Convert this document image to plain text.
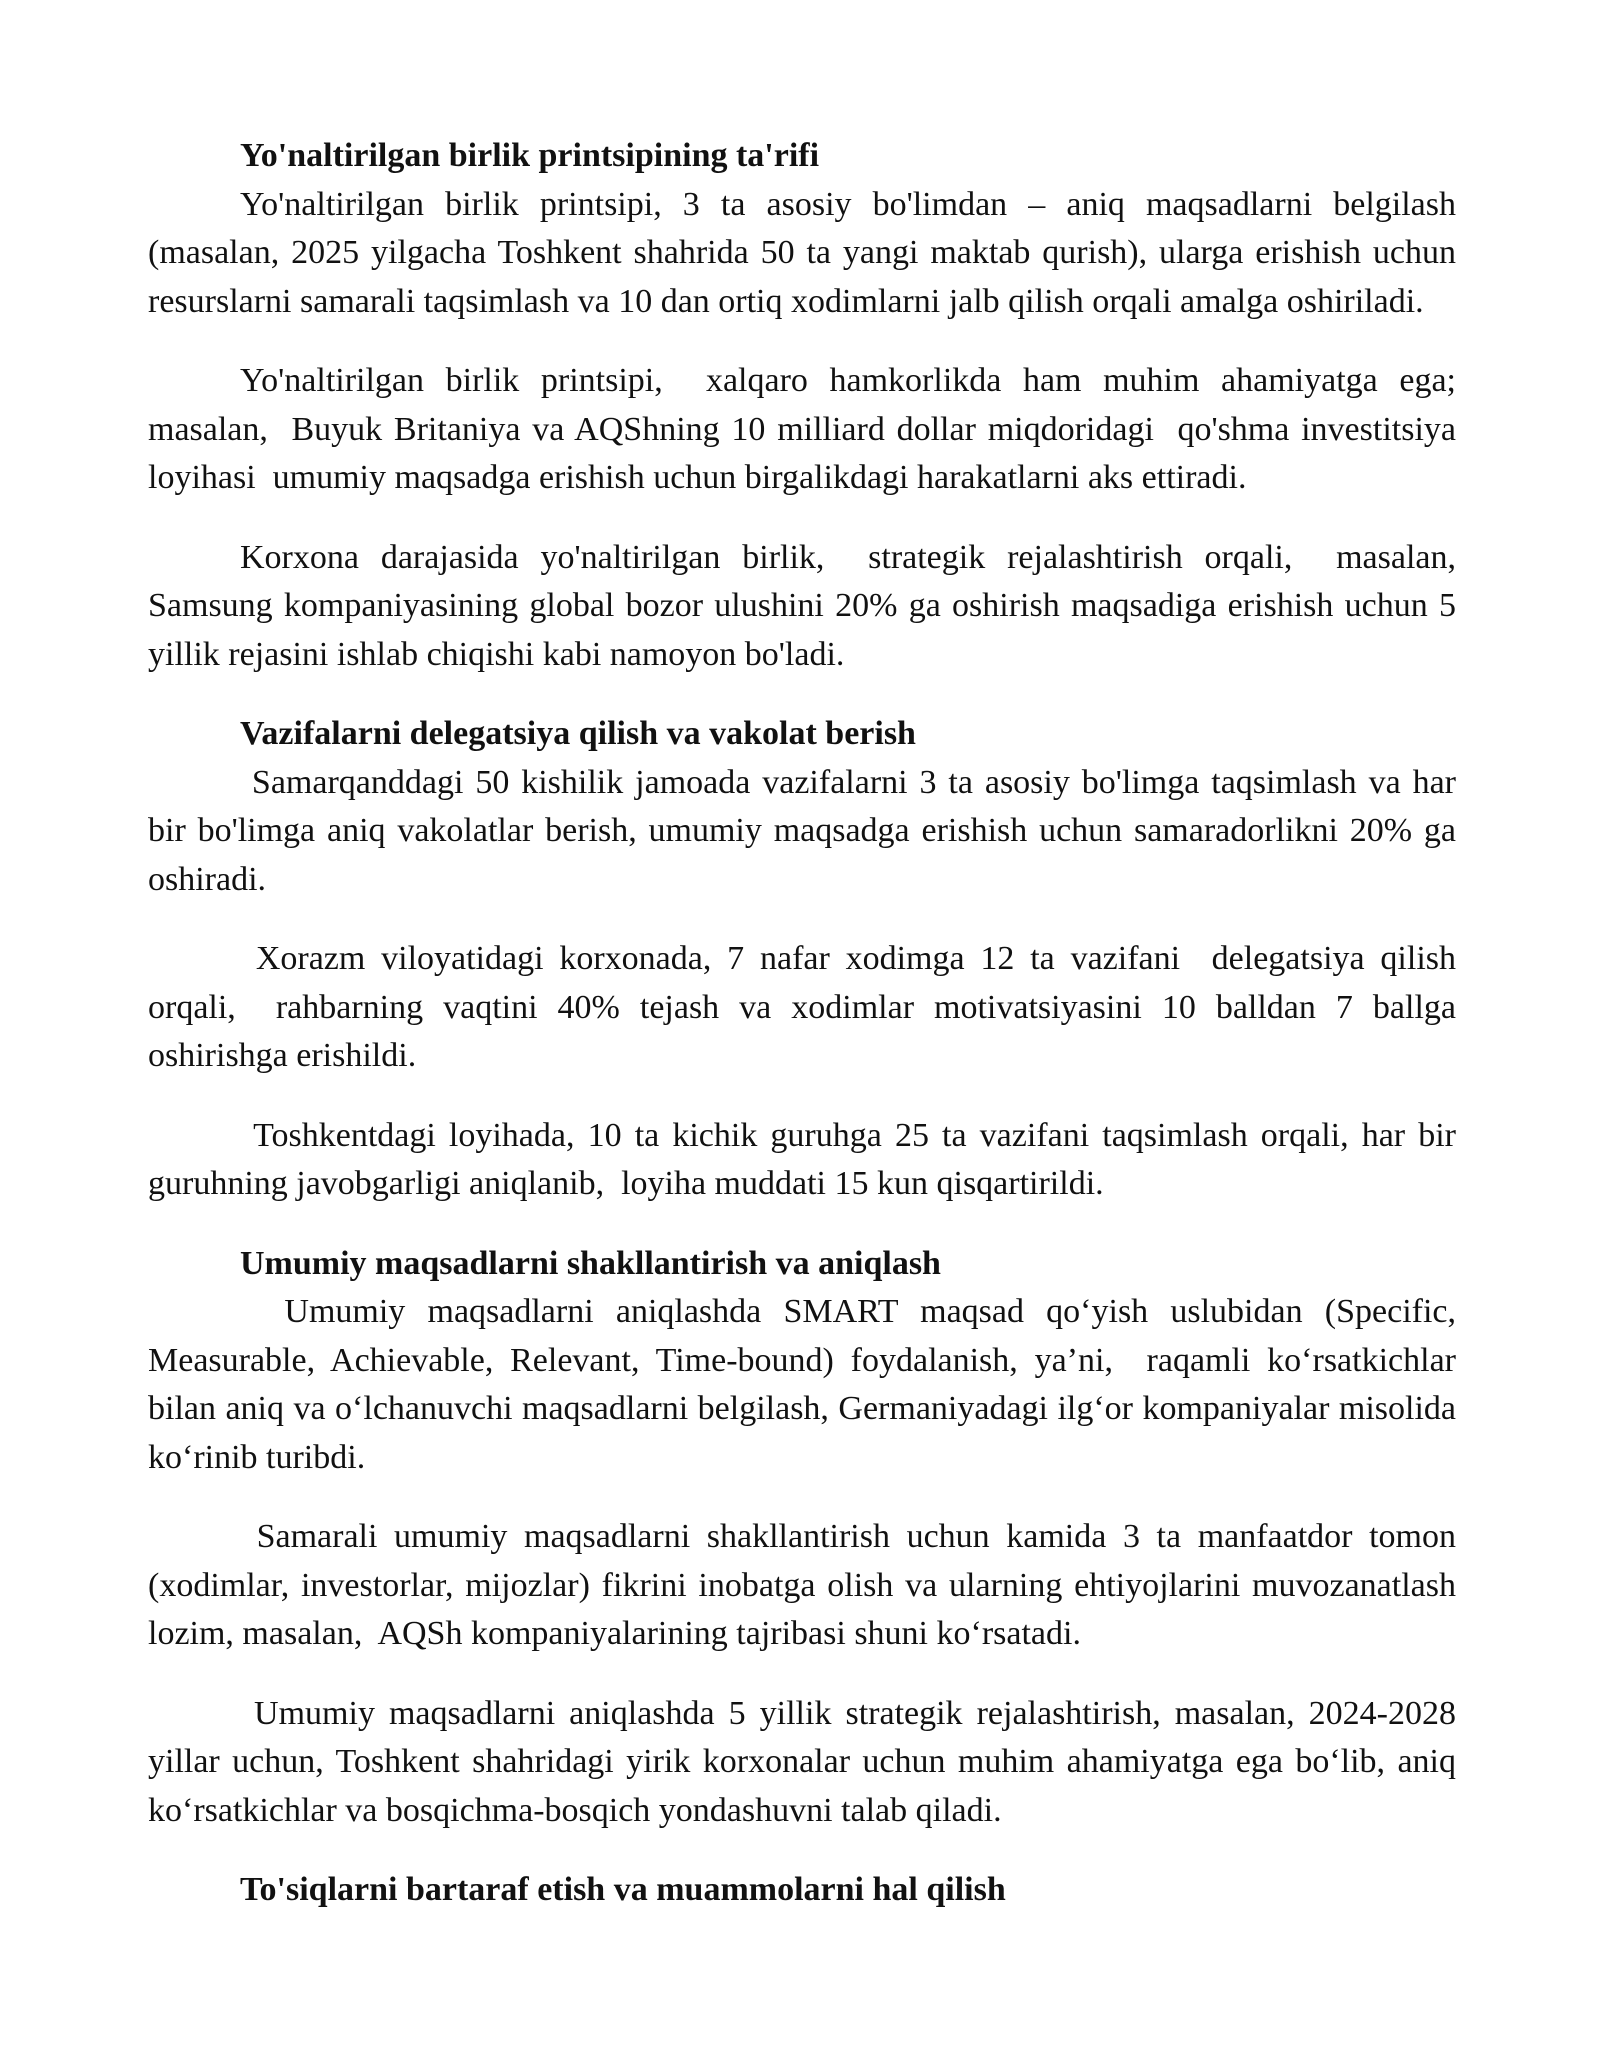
Yo'naltirilgan birlik printsipining ta'rifi

Yo'naltirilgan birlik printsipi, 3 ta asosiy bo'limdan – aniq maqsadlarni belgilash (masalan, 2025 yilgacha Toshkent shahrida 50 ta yangi maktab qurish), ularga erishish uchun resurslarni samarali taqsimlash va 10 dan ortiq xodimlarni jalb qilish orqali amalga oshiriladi.

Yo'naltirilgan birlik printsipi,  xalqaro hamkorlikda ham muhim ahamiyatga ega; masalan,  Buyuk Britaniya va AQShning 10 milliard dollar miqdoridagi  qo'shma investitsiya loyihasi  umumiy maqsadga erishish uchun birgalikdagi harakatlarni aks ettiradi.

Korxona darajasida yo'naltirilgan birlik,  strategik rejalashtirish orqali,  masalan, Samsung kompaniyasining global bozor ulushini 20% ga oshirish maqsadiga erishish uchun 5 yillik rejasini ishlab chiqishi kabi namoyon bo'ladi.

Vazifalarni delegatsiya qilish va vakolat berish

Samarqanddagi 50 kishilik jamoada vazifalarni 3 ta asosiy bo'limga taqsimlash va har bir bo'limga aniq vakolatlar berish, umumiy maqsadga erishish uchun samaradorlikni 20% ga oshiradi.

Xorazm viloyatidagi korxonada, 7 nafar xodimga 12 ta vazifani  delegatsiya qilish orqali,  rahbarning vaqtini 40% tejash va xodimlar motivatsiyasini 10 balldan 7 ballga oshirishga erishildi.

Toshkentdagi loyihada, 10 ta kichik guruhga 25 ta vazifani taqsimlash orqali, har bir guruhning javobgarligi aniqlanib,  loyiha muddati 15 kun qisqartirildi.

Umumiy maqsadlarni shakllantirish va aniqlash

Umumiy maqsadlarni aniqlashda SMART maqsad qo‘yish uslubidan (Specific, Measurable, Achievable, Relevant, Time-bound) foydalanish, ya’ni,  raqamli ko‘rsatkichlar bilan aniq va o‘lchanuvchi maqsadlarni belgilash, Germaniyadagi ilg‘or kompaniyalar misolida ko‘rinib turibdi.

Samarali umumiy maqsadlarni shakllantirish uchun kamida 3 ta manfaatdor tomon (xodimlar, investorlar, mijozlar) fikrini inobatga olish va ularning ehtiyojlarini muvozanatlash lozim, masalan,  AQSh kompaniyalarining tajribasi shuni ko‘rsatadi.

Umumiy maqsadlarni aniqlashda 5 yillik strategik rejalashtirish, masalan, 2024-2028 yillar uchun, Toshkent shahridagi yirik korxonalar uchun muhim ahamiyatga ega bo‘lib, aniq ko‘rsatkichlar va bosqichma-bosqich yondashuvni talab qiladi.

To'siqlarni bartaraf etish va muammolarni hal qilish
